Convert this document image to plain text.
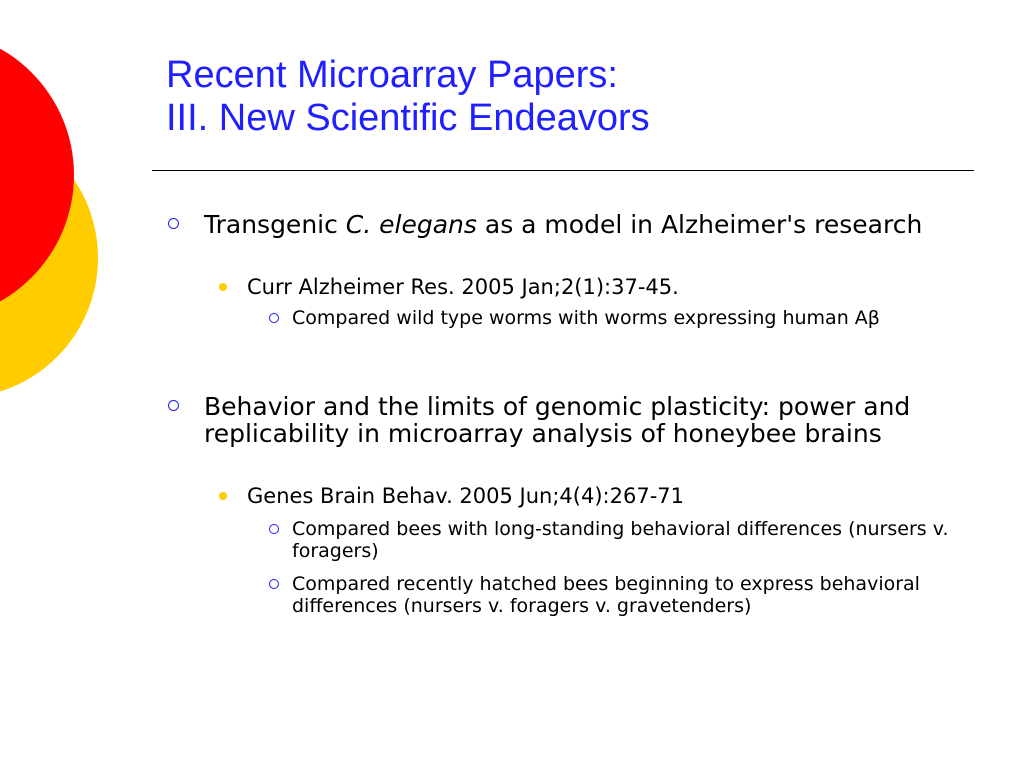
Recent Microarray Papers:
III. New Scientific Endeavors
Transgenic C. elegans as a model in Alzheimer's research
Curr Alzheimer Res. 2005 Jan;2(1):37-45.
Compared wild type worms with worms expressing human Aβ
Behavior and the limits of genomic plasticity: power and replicability in microarray analysis of honeybee brains
Genes Brain Behav. 2005 Jun;4(4):267-71
Compared bees with long-standing behavioral differences (nursers v. foragers)
Compared recently hatched bees beginning to express behavioral differences (nursers v. foragers v. gravetenders)
